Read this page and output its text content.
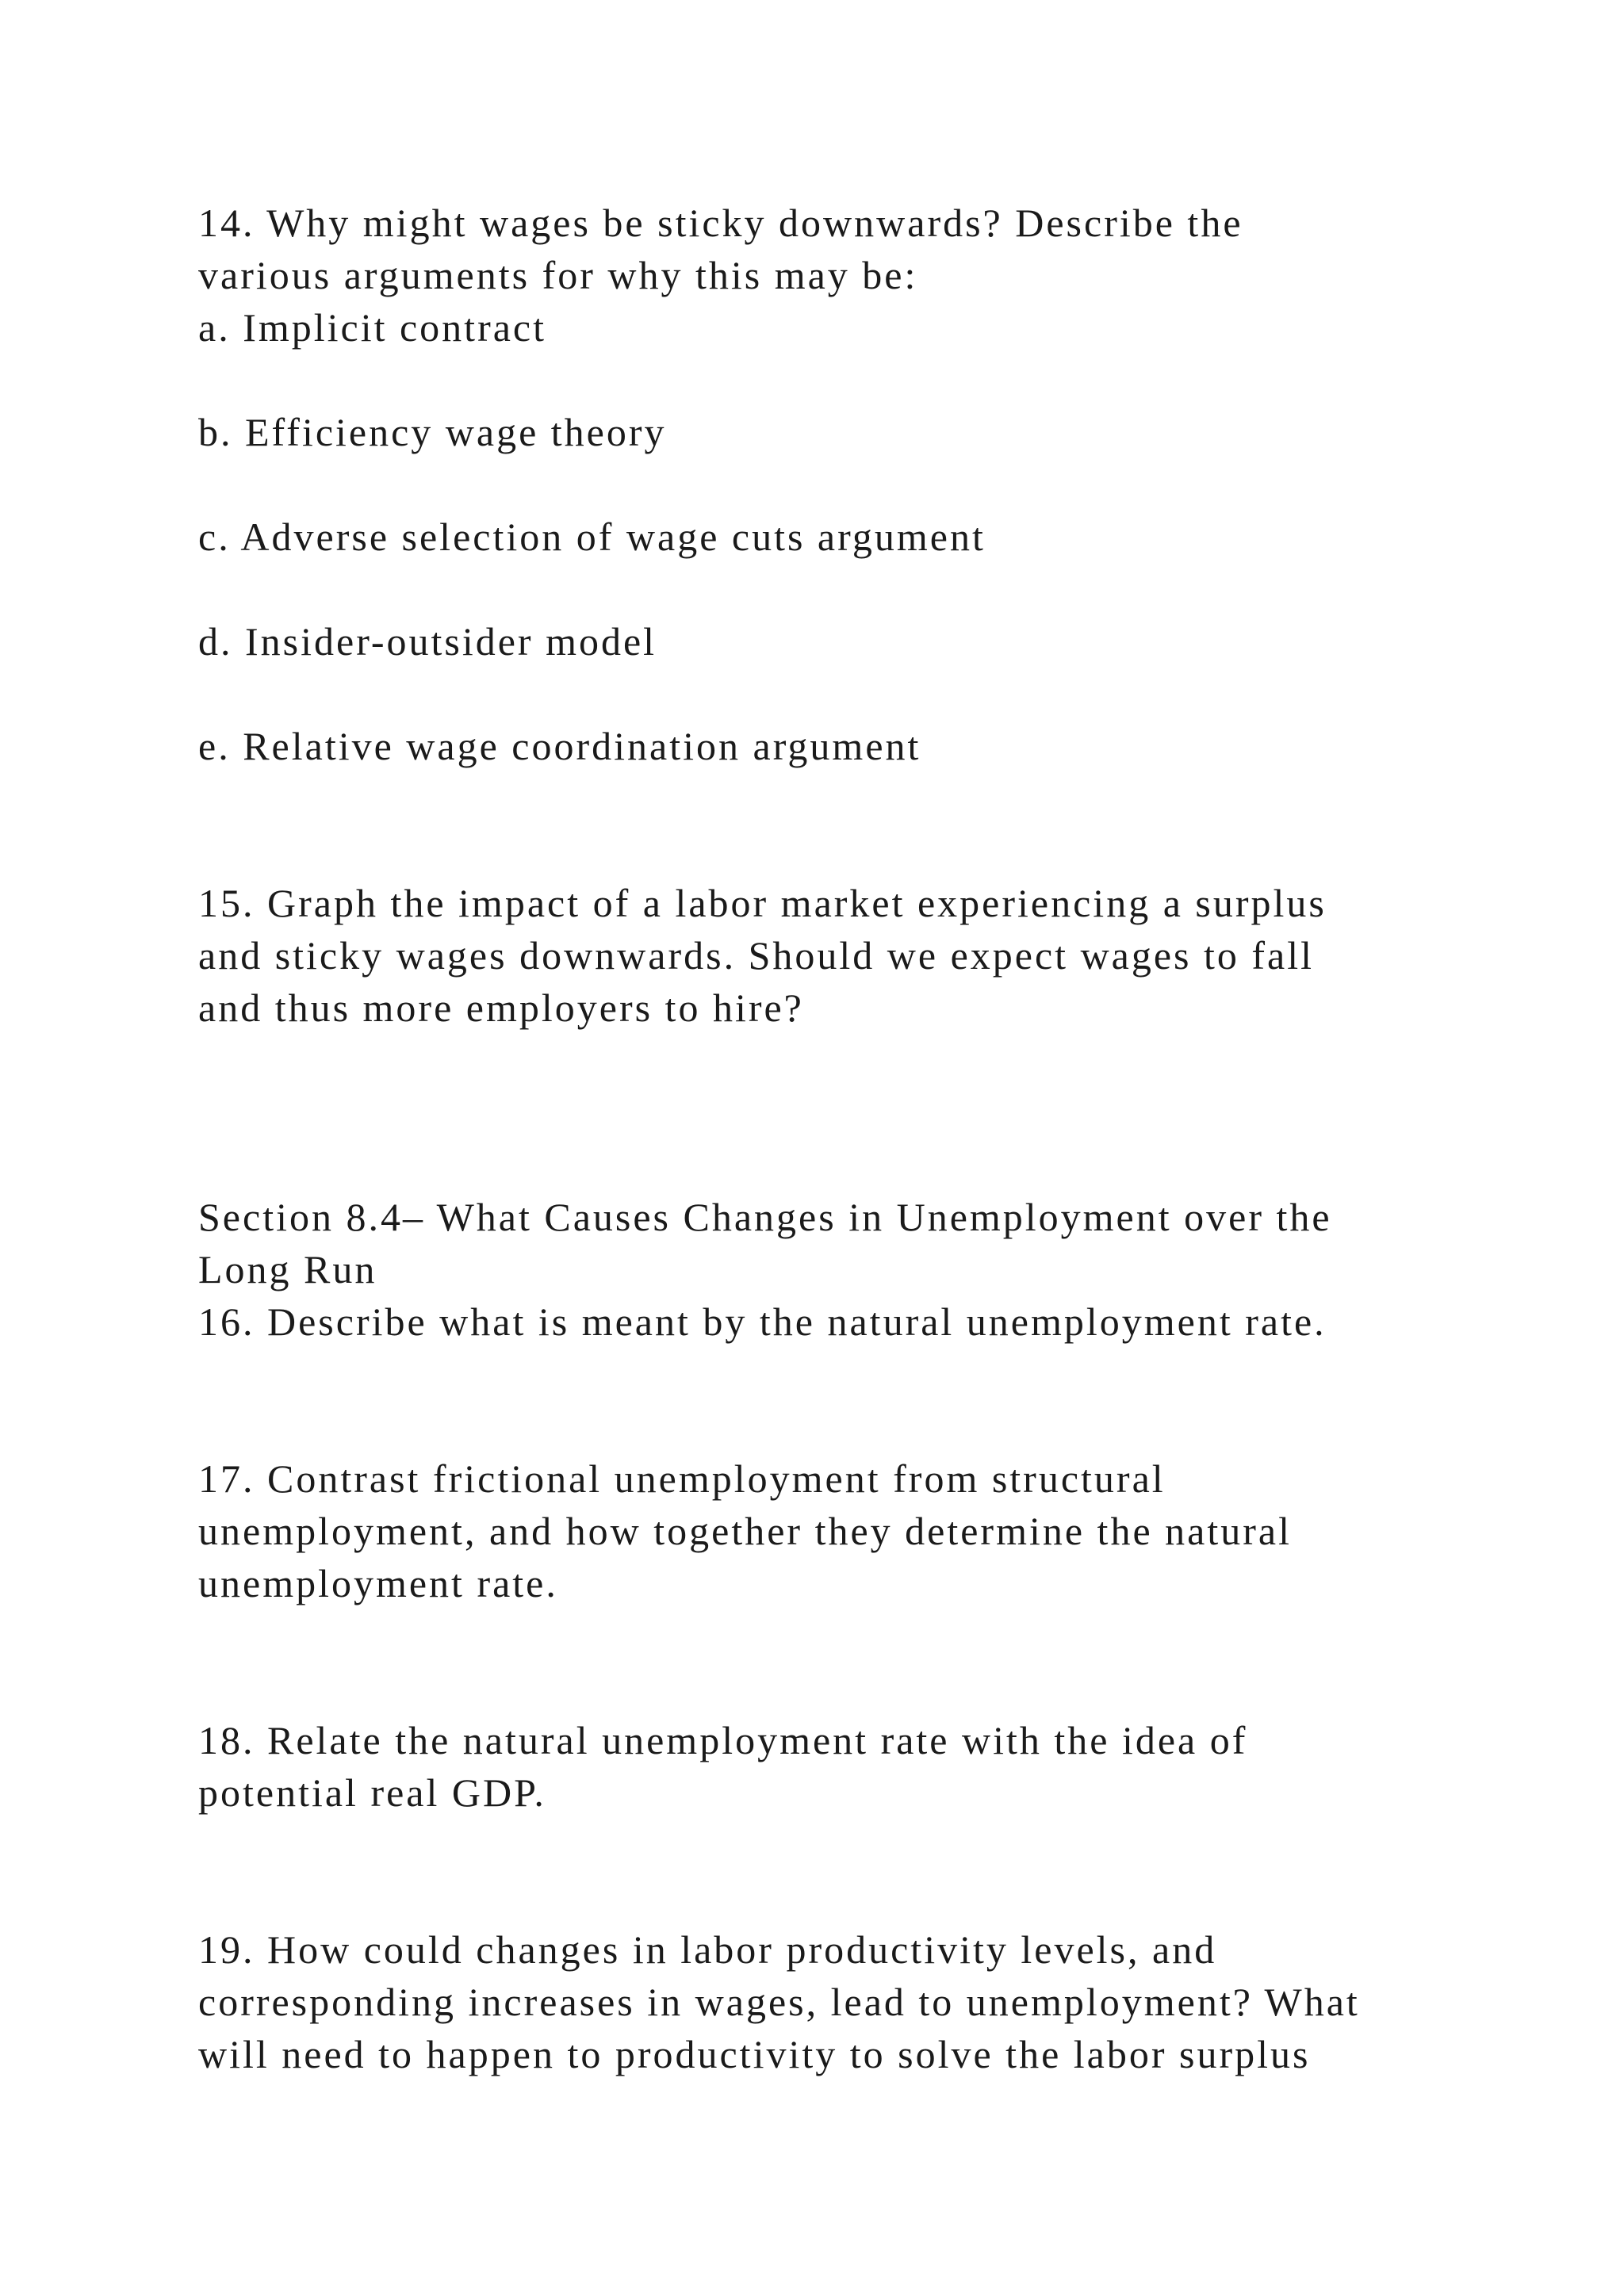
14. Why might wages be sticky downwards? Describe the

various arguments for why this may be:

a. Implicit contract

b. Efficiency wage theory

c. Adverse selection of wage cuts argument

d. Insider-outsider model

e. Relative wage coordination argument

15. Graph the impact of a labor market experiencing a surplus

and sticky wages downwards. Should we expect wages to fall

and thus more employers to hire?

Section 8.4– What Causes Changes in Unemployment over the

Long Run

16. Describe what is meant by the natural unemployment rate.

17. Contrast frictional unemployment from structural

unemployment, and how together they determine the natural

unemployment rate.

18. Relate the natural unemployment rate with the idea of

potential real GDP.

19. How could changes in labor productivity levels, and

corresponding increases in wages, lead to unemployment? What

will need to happen to productivity to solve the labor surplus
